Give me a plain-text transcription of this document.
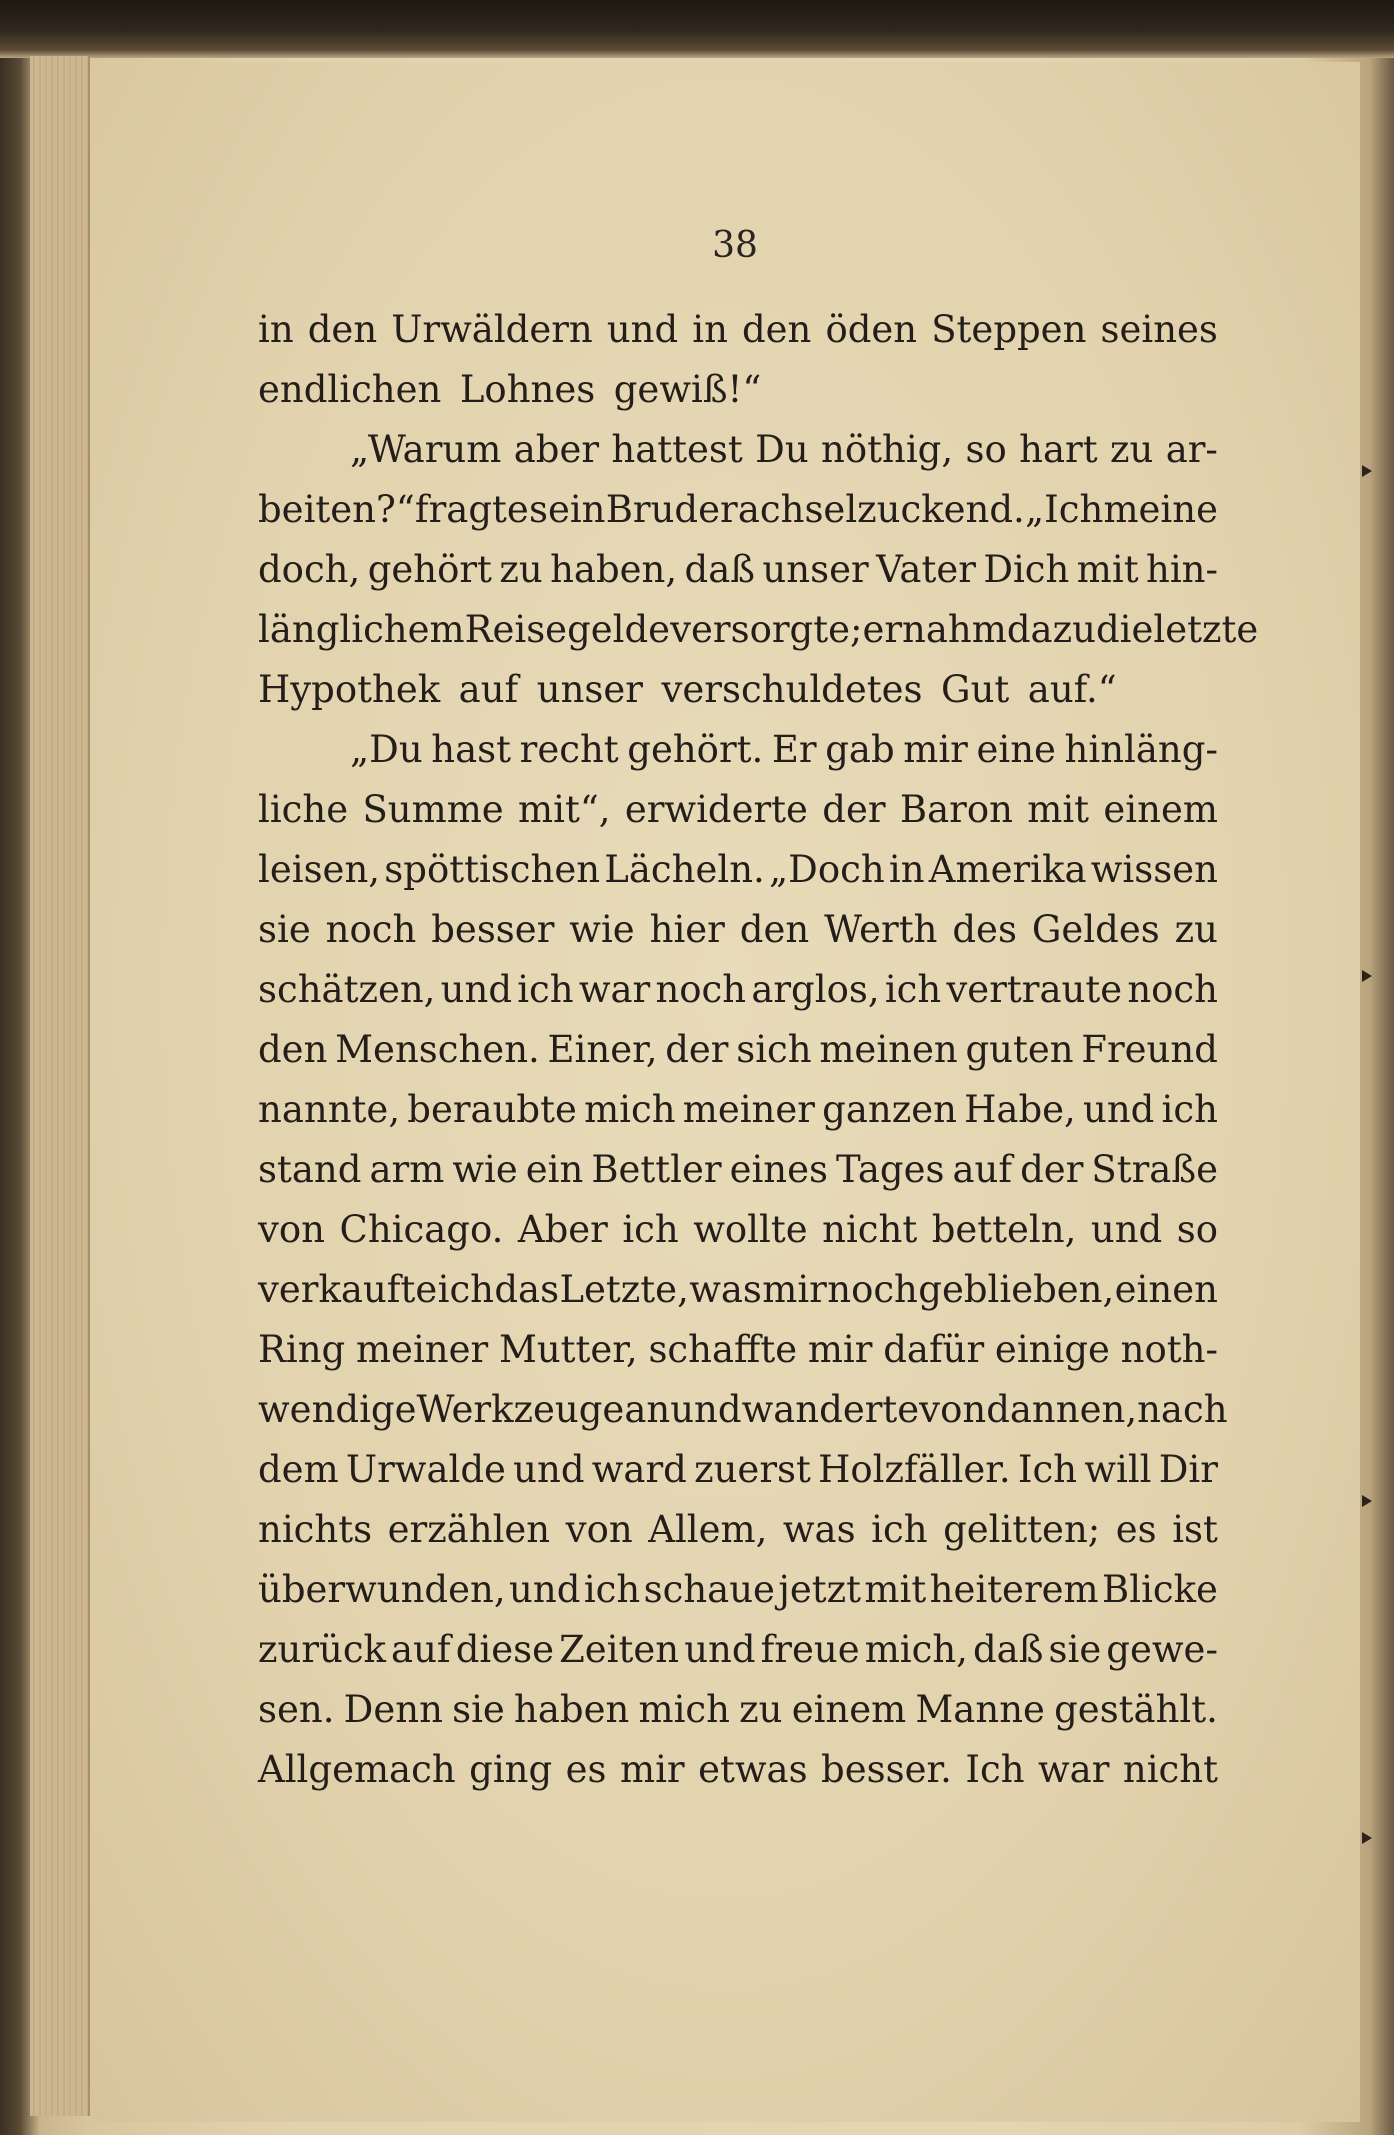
38
in den Urwäldern und in den öden Steppen seines
endlichen Lohnes gewiß!“
„Warum aber hattest Du nöthig, so hart zu ar-
beiten?“ fragte sein Bruder achselzuckend. „Ich meine
doch, gehört zu haben, daß unser Vater Dich mit hin-
länglichem Reisegelde versorgte; er nahm dazu die letzte
Hypothek auf unser verschuldetes Gut auf.“
„Du hast recht gehört. Er gab mir eine hinläng-
liche Summe mit“, erwiderte der Baron mit einem
leisen, spöttischen Lächeln. „Doch in Amerika wissen
sie noch besser wie hier den Werth des Geldes zu
schätzen, und ich war noch arglos, ich vertraute noch
den Menschen. Einer, der sich meinen guten Freund
nannte, beraubte mich meiner ganzen Habe, und ich
stand arm wie ein Bettler eines Tages auf der Straße
von Chicago. Aber ich wollte nicht betteln, und so
verkaufte ich das Letzte, was mir noch geblieben, einen
Ring meiner Mutter, schaffte mir dafür einige noth-
wendige Werkzeuge an und wanderte von dannen, nach
dem Urwalde und ward zuerst Holzfäller. Ich will Dir
nichts erzählen von Allem, was ich gelitten; es ist
überwunden, und ich schaue jetzt mit heiterem Blicke
zurück auf diese Zeiten und freue mich, daß sie gewe-
sen. Denn sie haben mich zu einem Manne gestählt.
Allgemach ging es mir etwas besser. Ich war nicht
